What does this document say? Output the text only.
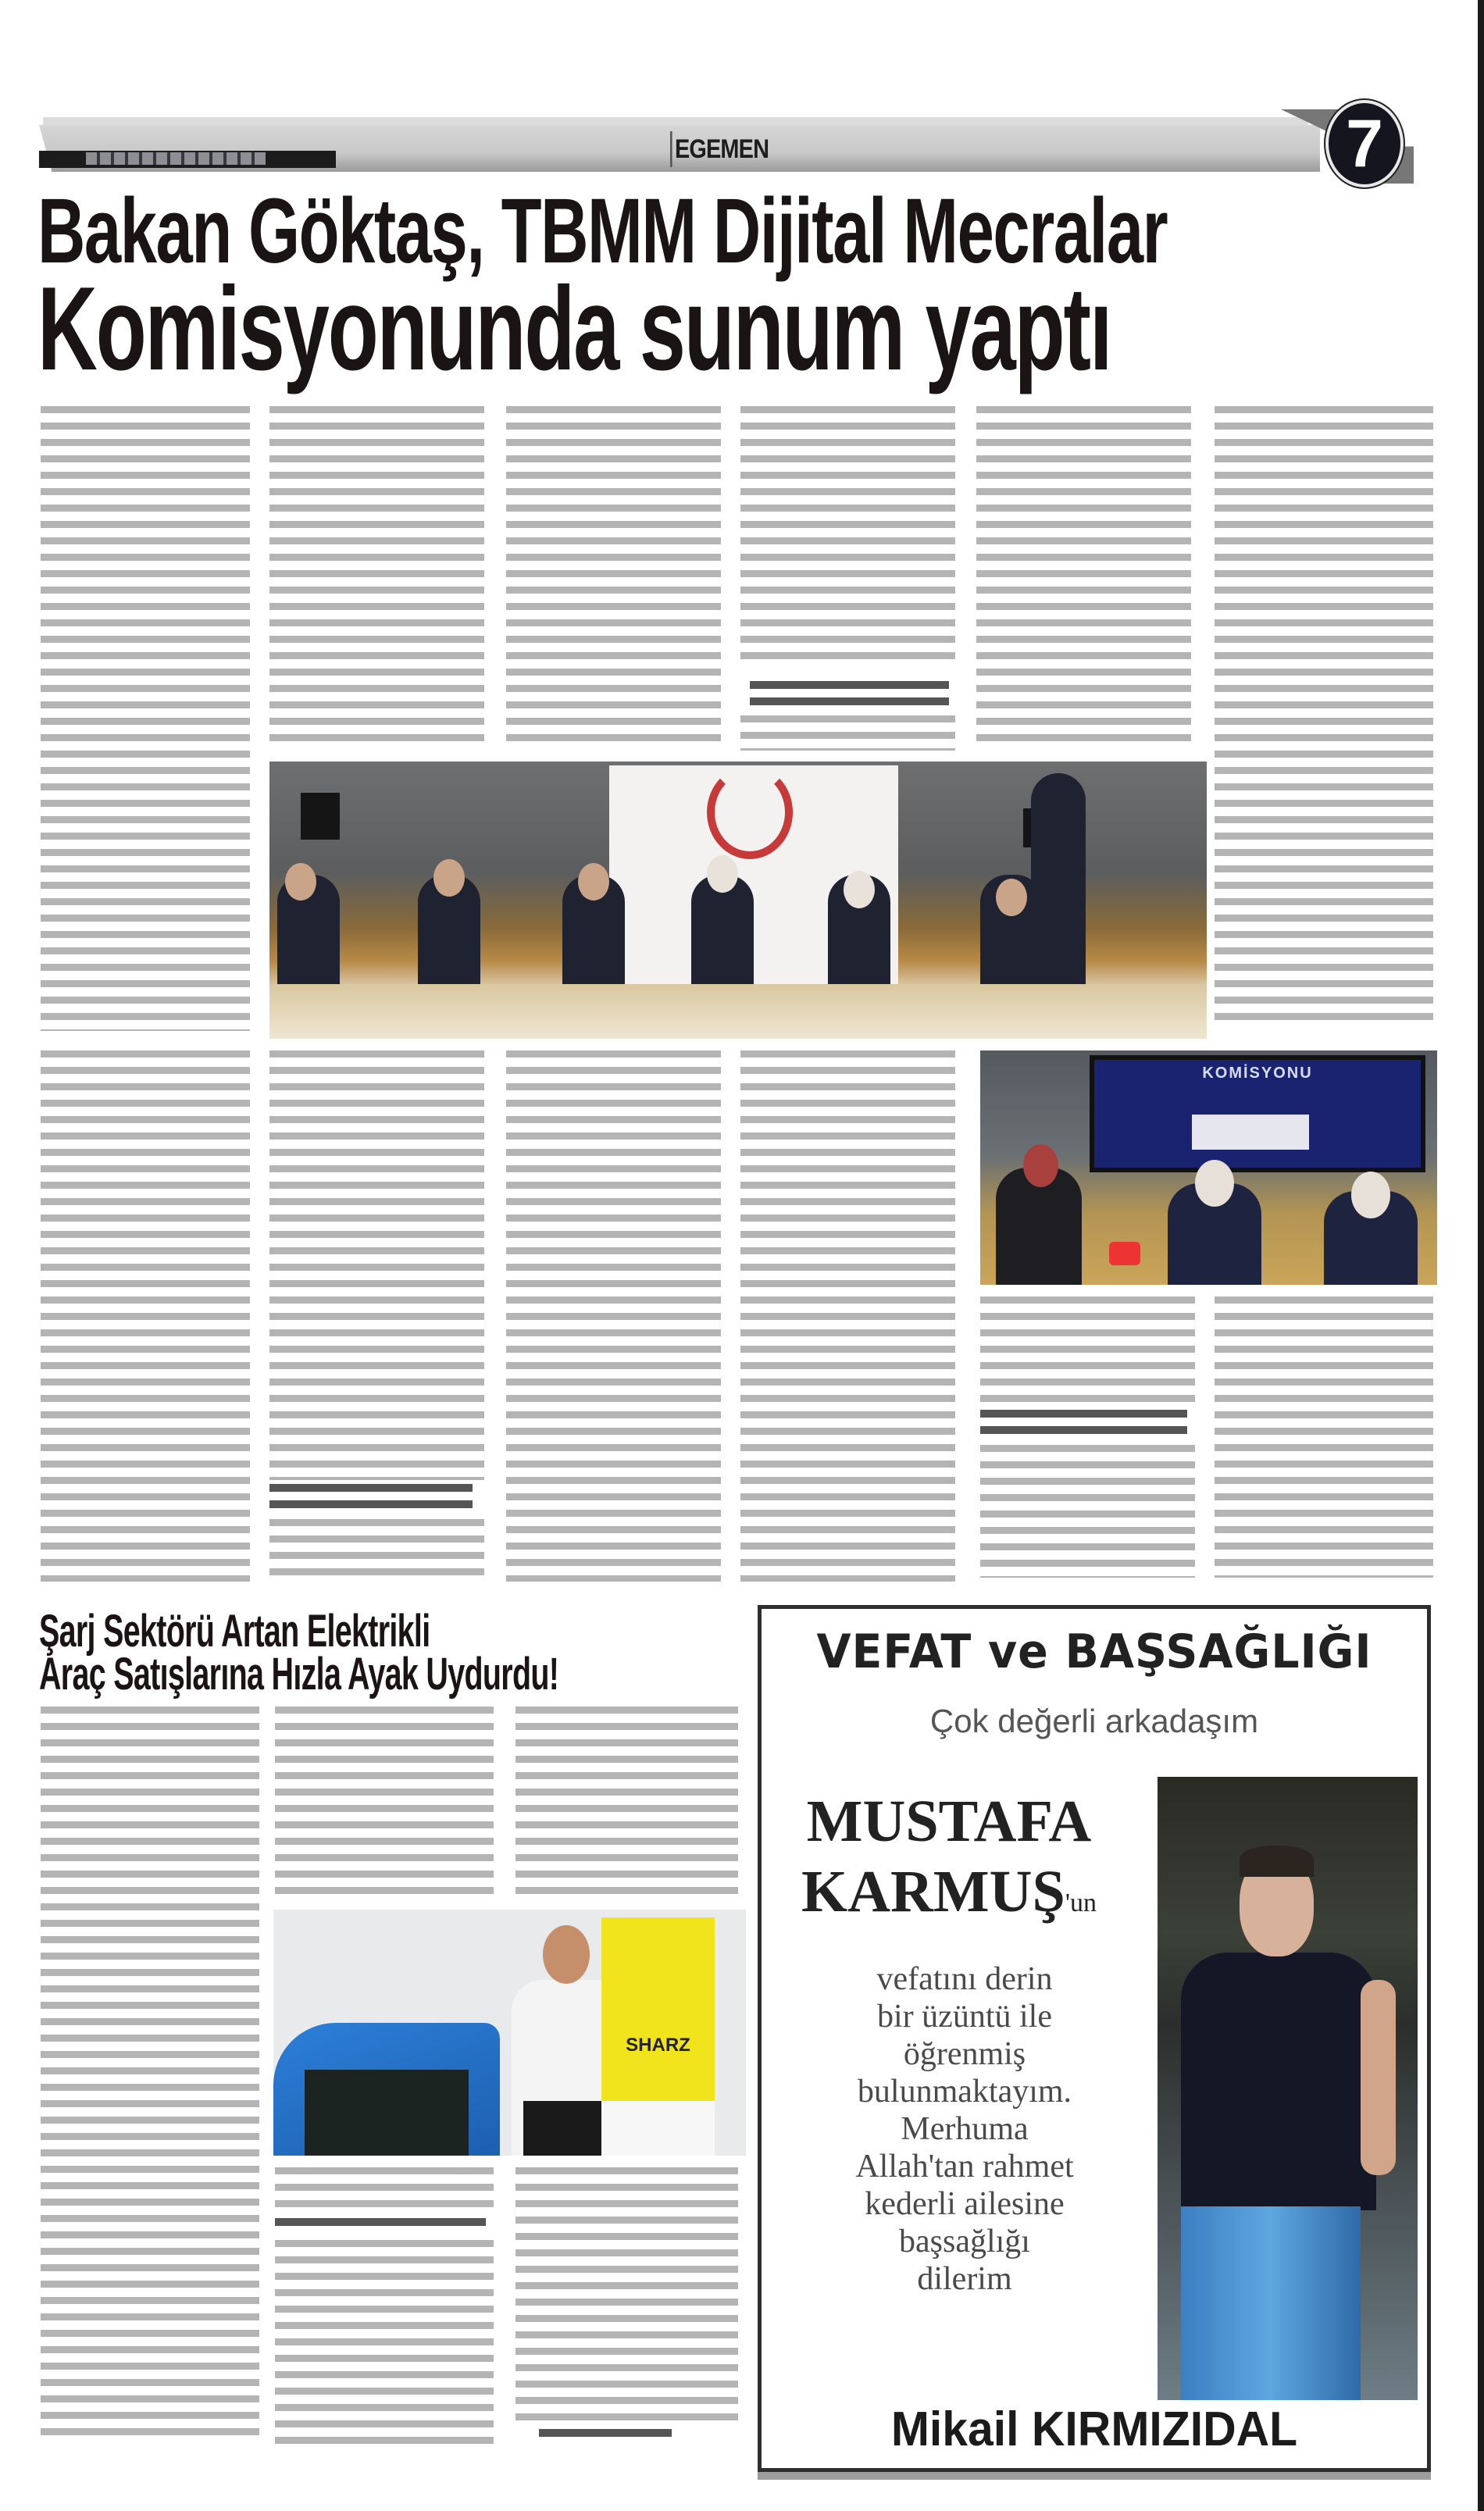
EGEMEN	7
Bakan Göktaş, TBMM Dijital Mecralar
Komisyonunda sunum yaptı
KOMİSYONU
Şarj Sektörü Artan Elektrikli
Araç Satışlarına Hızla Ayak Uydurdu!
SHARZ
VEFAT ve BAŞSAĞLIĞI
Çok değerli arkadaşım
MUSTAFA
KARMUŞ'un
vefatını derin
bir üzüntü ile
öğrenmiş
bulunmaktayım.
Merhuma
Allah'tan rahmet
kederli ailesine
başsağlığı
dilerim
Mikail KIRMIZIDAL
